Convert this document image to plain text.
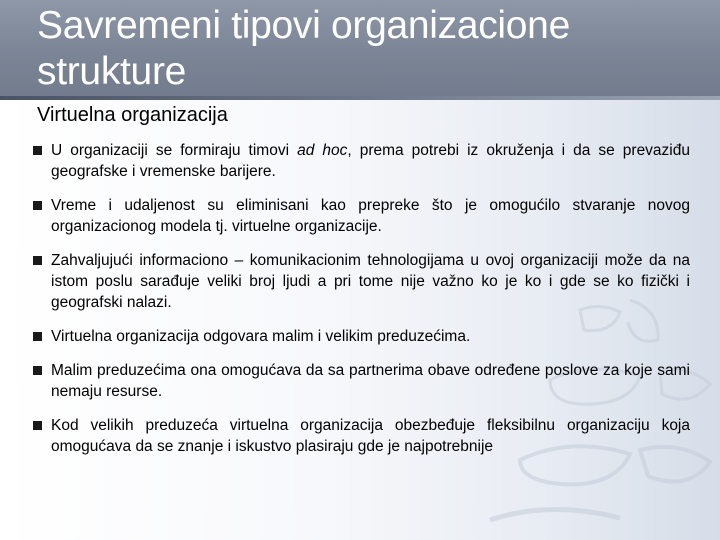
Savremeni tipovi organizacione strukture
Virtuelna organizacija
U organizaciji se formiraju timovi ad hoc, prema potrebi iz okruženja i da se prevaziđu geografske i vremenske barijere.
Vreme i udaljenost su eliminisani kao prepreke što je omogućilo stvaranje novog organizacionog modela tj. virtuelne organizacije.
Zahvaljujući informaciono – komunikacionim tehnologijama u ovoj organizaciji može da na istom poslu sarađuje veliki broj ljudi a pri tome nije važno ko je ko i gde se ko fizički i geografski nalazi.
Virtuelna organizacija odgovara malim i velikim preduzećima.
Malim preduzećima ona omogućava da sa partnerima obave određene poslove za koje sami nemaju resurse.
Kod velikih preduzeća virtuelna organizacija obezbeđuje fleksibilnu organizaciju koja omogućava da se znanje i iskustvo plasiraju gde je najpotrebnije
